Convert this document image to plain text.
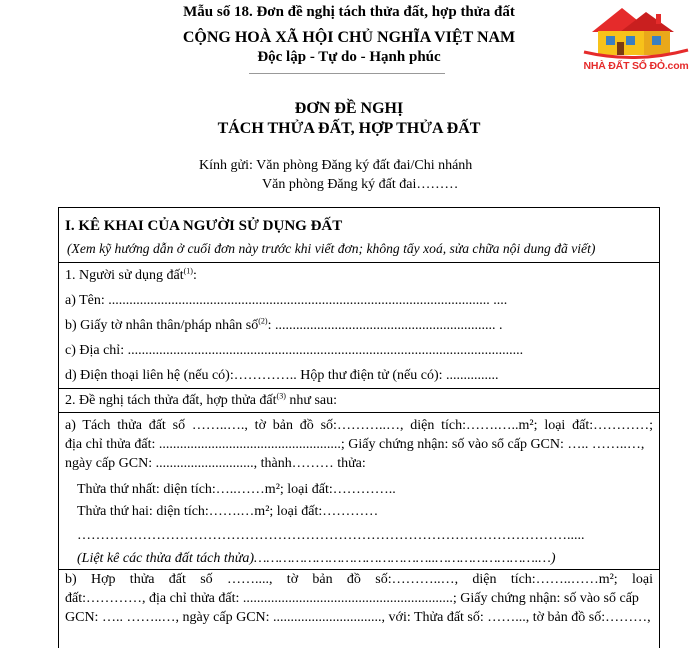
NHÀ ĐẤT SỔ ĐỎ.com
Mẫu số 18. Đơn đề nghị tách thửa đất, hợp thửa đất
CỘNG HOÀ XÃ HỘI CHỦ NGHĨA VIỆT NAM
Độc lập - Tự do - Hạnh phúc
ĐƠN ĐỀ NGHỊ
TÁCH THỬA ĐẤT, HỢP THỬA ĐẤT
Kính gửi: Văn phòng Đăng ký đất đai/Chi nhánh
Văn phòng Đăng ký đất đai………
I. KÊ KHAI CỦA NGƯỜI SỬ DỤNG ĐẤT
(Xem kỹ hướng dẫn ở cuối đơn này trước khi viết đơn; không tẩy xoá, sửa chữa nội dung đã viết)
1. Người sử dụng đất$^{(1)}$:
a) Tên: ............................................................................................................. ....
b) Giấy tờ nhân thân/pháp nhân số$^{(2)}$: ............................................................... .
c) Địa chỉ: .................................................................................................................
d) Điện thoại liên hệ (nếu có):………….. Hộp thư điện tử (nếu có): ...............
2. Đề nghị tách thửa đất, hợp thửa đất$^{(3)}$ như sau:
a) Tách thửa đất số ……..…., tờ bản đồ số:………..…, diện tích:…….…..m²; loại đất:…………;
địa chỉ thửa đất: ....................................................; Giấy chứng nhận: số vào sổ cấp GCN: ….. ……..…,
ngày cấp GCN: ............................, thành……… thửa:
Thửa thứ nhất: diện tích:…..……m²; loại đất:…………..
Thửa thứ hai: diện tích:…….…m²; loại đất:…………
…………………………………………………………………………………………….....
(Liệt kê các thửa đất tách thửa)……………………………………..…………………….…)
b) Hợp thửa đất số ……...., tờ bản đồ số:………..…, diện tích:……..……m²; loại
đất:…………, địa chỉ thửa đất: ............................................................; Giấy chứng nhận: số vào sổ cấp
GCN: ….. ……..…, ngày cấp GCN: ..............................., với: Thửa đất số: ……..., tờ bản đồ số:………,
